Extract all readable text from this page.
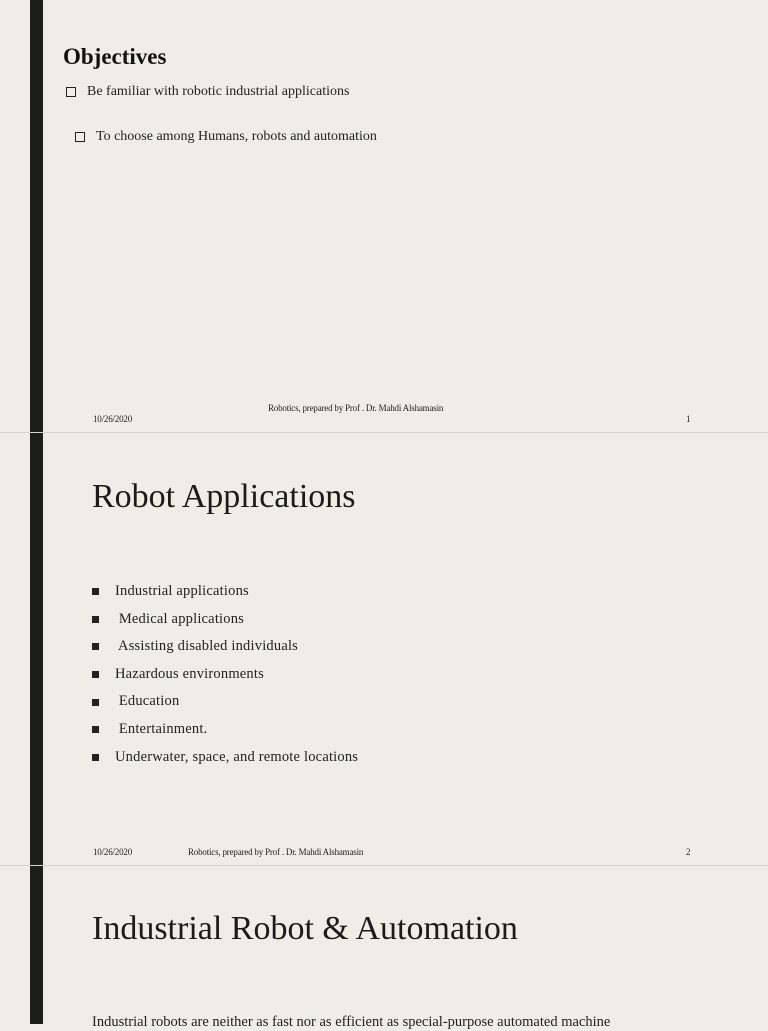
Objectives
Be familiar with robotic industrial applications
To choose among Humans, robots and automation
Robotics, prepared by Prof . Dr. Mahdi Alshamasin
10/26/2020	1
Robot Applications
Industrial applications
Medical applications
Assisting disabled individuals
Hazardous environments
Education
Entertainment.
Underwater, space, and remote locations
10/26/2020	Robotics, prepared by Prof . Dr. Mahdi Alshamasin	2
Industrial Robot & Automation
Industrial robots are neither as fast nor as efficient as special-purpose automated machine
